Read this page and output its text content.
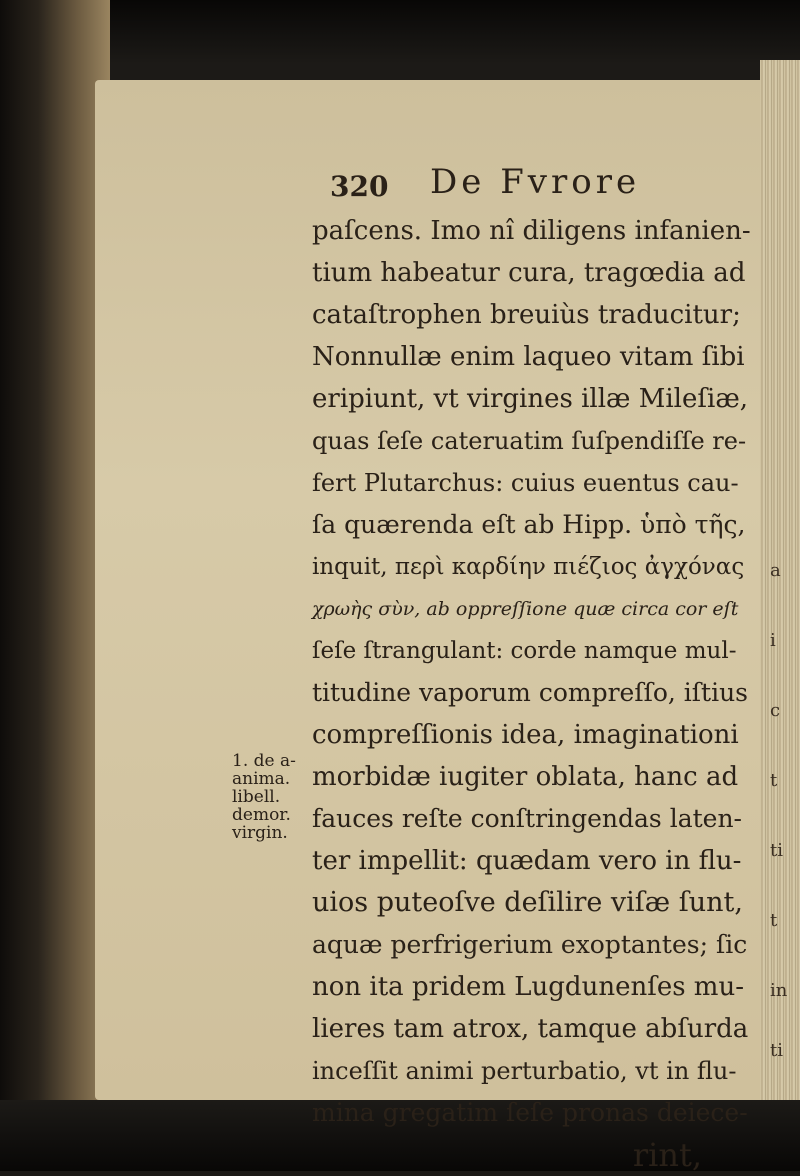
a
i
c
t
ti
t
in
ti
320 De Fvrore
1. de a-
anima.
libell.
demor.
virgin.
paſcens. Imo nî diligens infanien-
tium habeatur cura, tragœdia ad
cataſtrophen breuiùs traducitur;
Nonnullæ enim laqueo vitam ſibi
eripiunt, vt virgines illæ Mileſiæ,
quas ſeſe cateruatim ſuſpendiſſe re-
fert Plutarchus: cuius euentus cau-
ſa quærenda eſt ab Hipp. ὑπὸ τῆς,
inquit, περὶ καρδίην πιέζιος ἀγχόνας
χρωὴς σὺν, ab oppreſſione quæ circa cor eſt
ſeſe ſtrangulant: corde namque mul-
titudine vaporum compreſſo, iſtius
compreſſionis idea, imaginationi
morbidæ iugiter oblata, hanc ad
fauces reſte conſtringendas laten-
ter impellit: quædam vero in flu-
uios puteoſve deſilire viſæ ſunt,
aquæ perfrigerium exoptantes; ſic
non ita pridem Lugdunenſes mu-
lieres tam atrox, tamque abſurda
inceſſit animi perturbatio, vt in flu-
mina gregatim ſeſe pronas deiece-
rint,
